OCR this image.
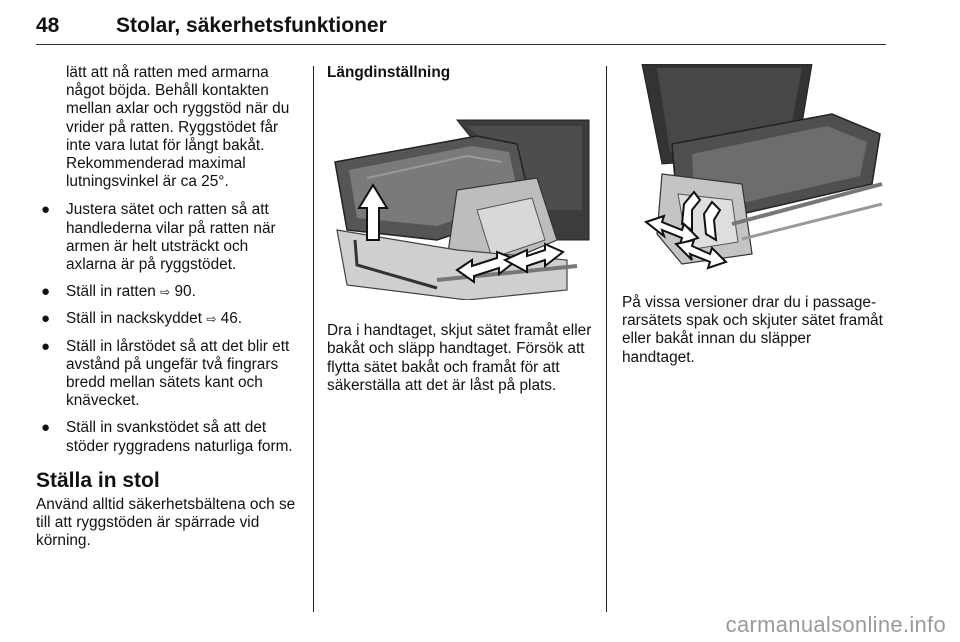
48	Stolar, säkerhetsfunktioner

lätt att nå ratten med armarna något böjda. Behåll kontakten mellan axlar och ryggstöd när du vrider på ratten. Ryggstödet får inte vara lutat för långt bakåt. Rekommenderad maximal lutningsvinkel är ca 25°.

● Justera sätet och ratten så att handlederna vilar på ratten när armen är helt utsträckt och axlarna är på ryggstödet.
● Ställ in ratten ⇨ 90.
● Ställ in nackskyddet ⇨ 46.
● Ställ in lårstödet så att det blir ett avstånd på ungefär två fingrars bredd mellan sätets kant och knävecket.
● Ställ in svankstödet så att det stöder ryggradens naturliga form.
Ställa in stol

Använd alltid säkerhetsbältena och se till att ryggstöden är spärrade vid körning.

Längdinställning

Dra i handtaget, skjut sätet framåt eller bakåt och släpp handtaget. Försök att flytta sätet bakåt och framåt för att säkerställa att det är låst på plats.

På vissa versioner drar du i passage-rarsätets spak och skjuter sätet framåt eller bakåt innan du släpper handtaget.

carmanualsonline.info
